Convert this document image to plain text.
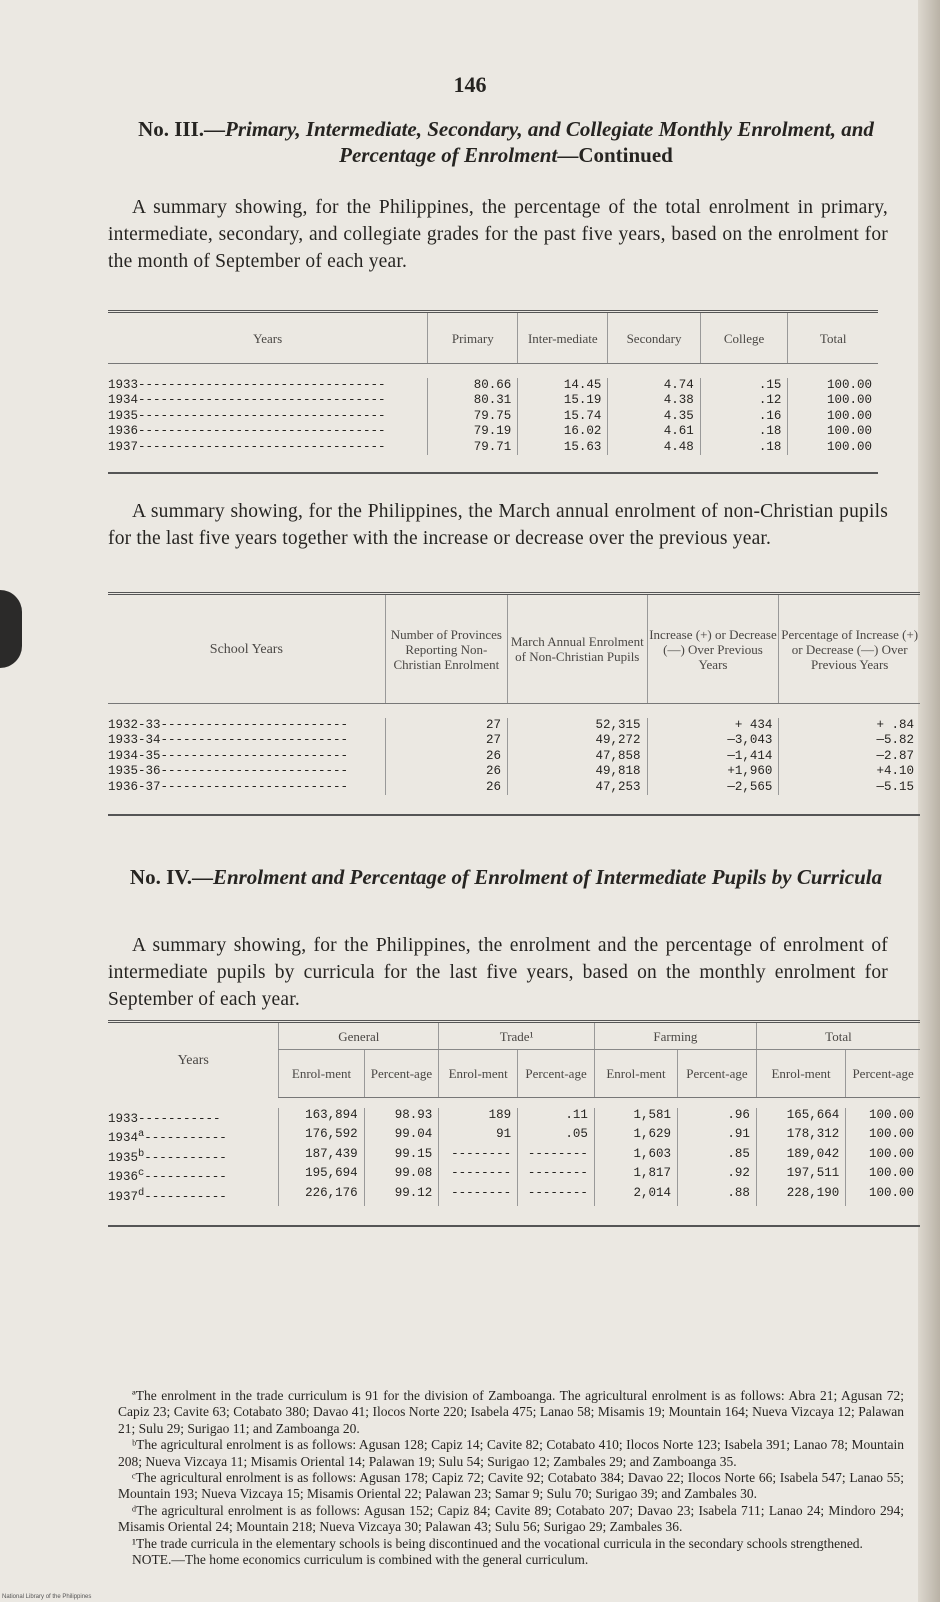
146
No. III.—Primary, Intermediate, Secondary, and Collegiate Monthly Enrolment, and Percentage of Enrolment—Continued

A summary showing, for the Philippines, the percentage of the total enrolment in primary, intermediate, secondary, and collegiate grades for the past five years, based on the enrolment for the month of September of each year.

Years	Primary	Inter-mediate	Secondary	College	Total

1933---------------------------------	80.66	14.45	4.74	.15	100.00
1934---------------------------------	80.31	15.19	4.38	.12	100.00
1935---------------------------------	79.75	15.74	4.35	.16	100.00
1936---------------------------------	79.19	16.02	4.61	.18	100.00
1937---------------------------------	79.71	15.63	4.48	.18	100.00

A summary showing, for the Philippines, the March annual enrolment of non-Christian pupils for the last five years together with the increase or decrease over the previous year.

School Years	Number of Provinces Reporting Non-Christian Enrolment	March Annual Enrolment of Non-Christian Pupils	Increase (+) or Decrease (—) Over Previous Years	Percentage of Increase (+) or Decrease (—) Over Previous Years

1932-33-------------------------	27	52,315	+ 434	+ .84
1933-34-------------------------	27	49,272	—3,043	—5.82
1934-35-------------------------	26	47,858	—1,414	—2.87
1935-36-------------------------	26	49,818	+1,960	+4.10
1936-37-------------------------	26	47,253	—2,565	—5.15

No. IV.—Enrolment and Percentage of Enrolment of Intermediate Pupils by Curricula

A summary showing, for the Philippines, the enrolment and the percentage of enrolment of intermediate pupils by curricula for the last five years, based on the monthly enrolment for September of each year.

Years	General		Trade¹		Farming		Total	
	Enrol-ment	Percent-age	Enrol-ment	Percent-age	Enrol-ment	Percent-age	Enrol-ment	Percent-age

1933-----------	163,894	98.93	189	.11	1,581	.96	165,664	100.00
1934$^a$-----------	176,592	99.04	91	.05	1,629	.91	178,312	100.00
1935$^b$-----------	187,439	99.15	--------	--------	1,603	.85	189,042	100.00
1936$^c$-----------	195,694	99.08	--------	--------	1,817	.92	197,511	100.00
1937$^d$-----------	226,176	99.12	--------	--------	2,014	.88	228,190	100.00

ªThe enrolment in the trade curriculum is 91 for the division of Zamboanga. The agricultural enrolment is as follows: Abra 21; Agusan 72; Capiz 23; Cavite 63; Cotabato 380; Davao 41; Ilocos Norte 220; Isabela 475; Lanao 58; Misamis 19; Mountain 164; Nueva Vizcaya 12; Palawan 21; Sulu 29; Surigao 11; and Zamboanga 20.

ᵇThe agricultural enrolment is as follows: Agusan 128; Capiz 14; Cavite 82; Cotabato 410; Ilocos Norte 123; Isabela 391; Lanao 78; Mountain 208; Nueva Vizcaya 11; Misamis Oriental 14; Palawan 19; Sulu 54; Surigao 12; Zambales 29; and Zamboanga 35.

ᶜThe agricultural enrolment is as follows: Agusan 178; Capiz 72; Cavite 92; Cotabato 384; Davao 22; Ilocos Norte 66; Isabela 547; Lanao 55; Mountain 193; Nueva Vizcaya 15; Misamis Oriental 22; Palawan 23; Samar 9; Sulu 70; Surigao 39; and Zambales 30.

ᵈThe agricultural enrolment is as follows: Agusan 152; Capiz 84; Cavite 89; Cotabato 207; Davao 23; Isabela 711; Lanao 24; Mindoro 294; Misamis Oriental 24; Mountain 218; Nueva Vizcaya 30; Palawan 43; Sulu 56; Surigao 29; Zambales 36.

¹The trade curricula in the elementary schools is being discontinued and the vocational curricula in the secondary schools strengthened.

NOTE.—The home economics curriculum is combined with the general curriculum.

National Library of the Philippines
